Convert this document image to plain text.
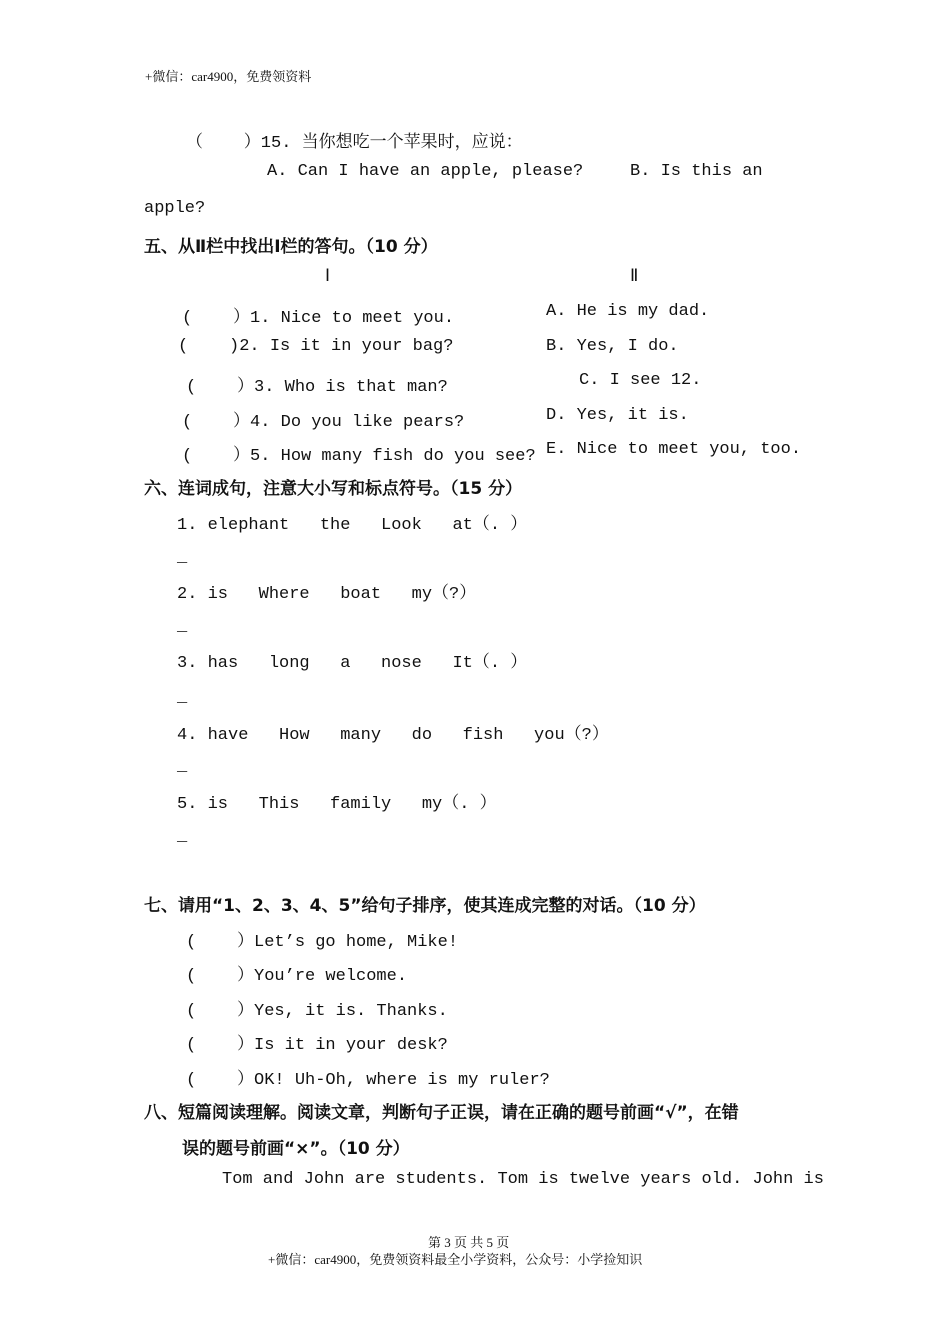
+微信：car4900，免费领资料
（    ）15. 当你想吃一个苹果时，应说：
A. Can I have an apple, please?	B. Is this an
apple?
五、从Ⅱ栏中找出Ⅰ栏的答句。（10 分）
Ⅰ	Ⅱ
(    ）1. Nice to meet you.	A. He is my dad.
(    )2. Is it in your bag?	B. Yes, I do.
(    ）3. Who is that man?	C. I see 12.
(    ）4. Do you like pears?	D. Yes, it is.
(    ）5. How many fish do you see? E. Nice to meet you, too.
六、连词成句，注意大小写和标点符号。（15 分）
1. elephant   the   Look   at（. ）
_
2. is   Where   boat   my（?）
_
3. has   long   a   nose   It（. ）
_
4. have   How   many   do   fish   you（?）
_
5. is   This   family   my（. ）
_
七、请用“1、2、3、4、5”给句子排序，使其连成完整的对话。（10 分）
(    ）Let’s go home, Mike!
(    ）You’re welcome.
(    ）Yes, it is. Thanks.
(    ）Is it in your desk?
(    ）OK! Uh-Oh, where is my ruler?
八、短篇阅读理解。阅读文章，判断句子正误，请在正确的题号前画“√”，在错
误的题号前画“×”。（10 分）
Tom and John are students. Tom is twelve years old. John is
第 3 页 共 5 页
+微信：car4900，免费领资料最全小学资料，公众号：小学捡知识
